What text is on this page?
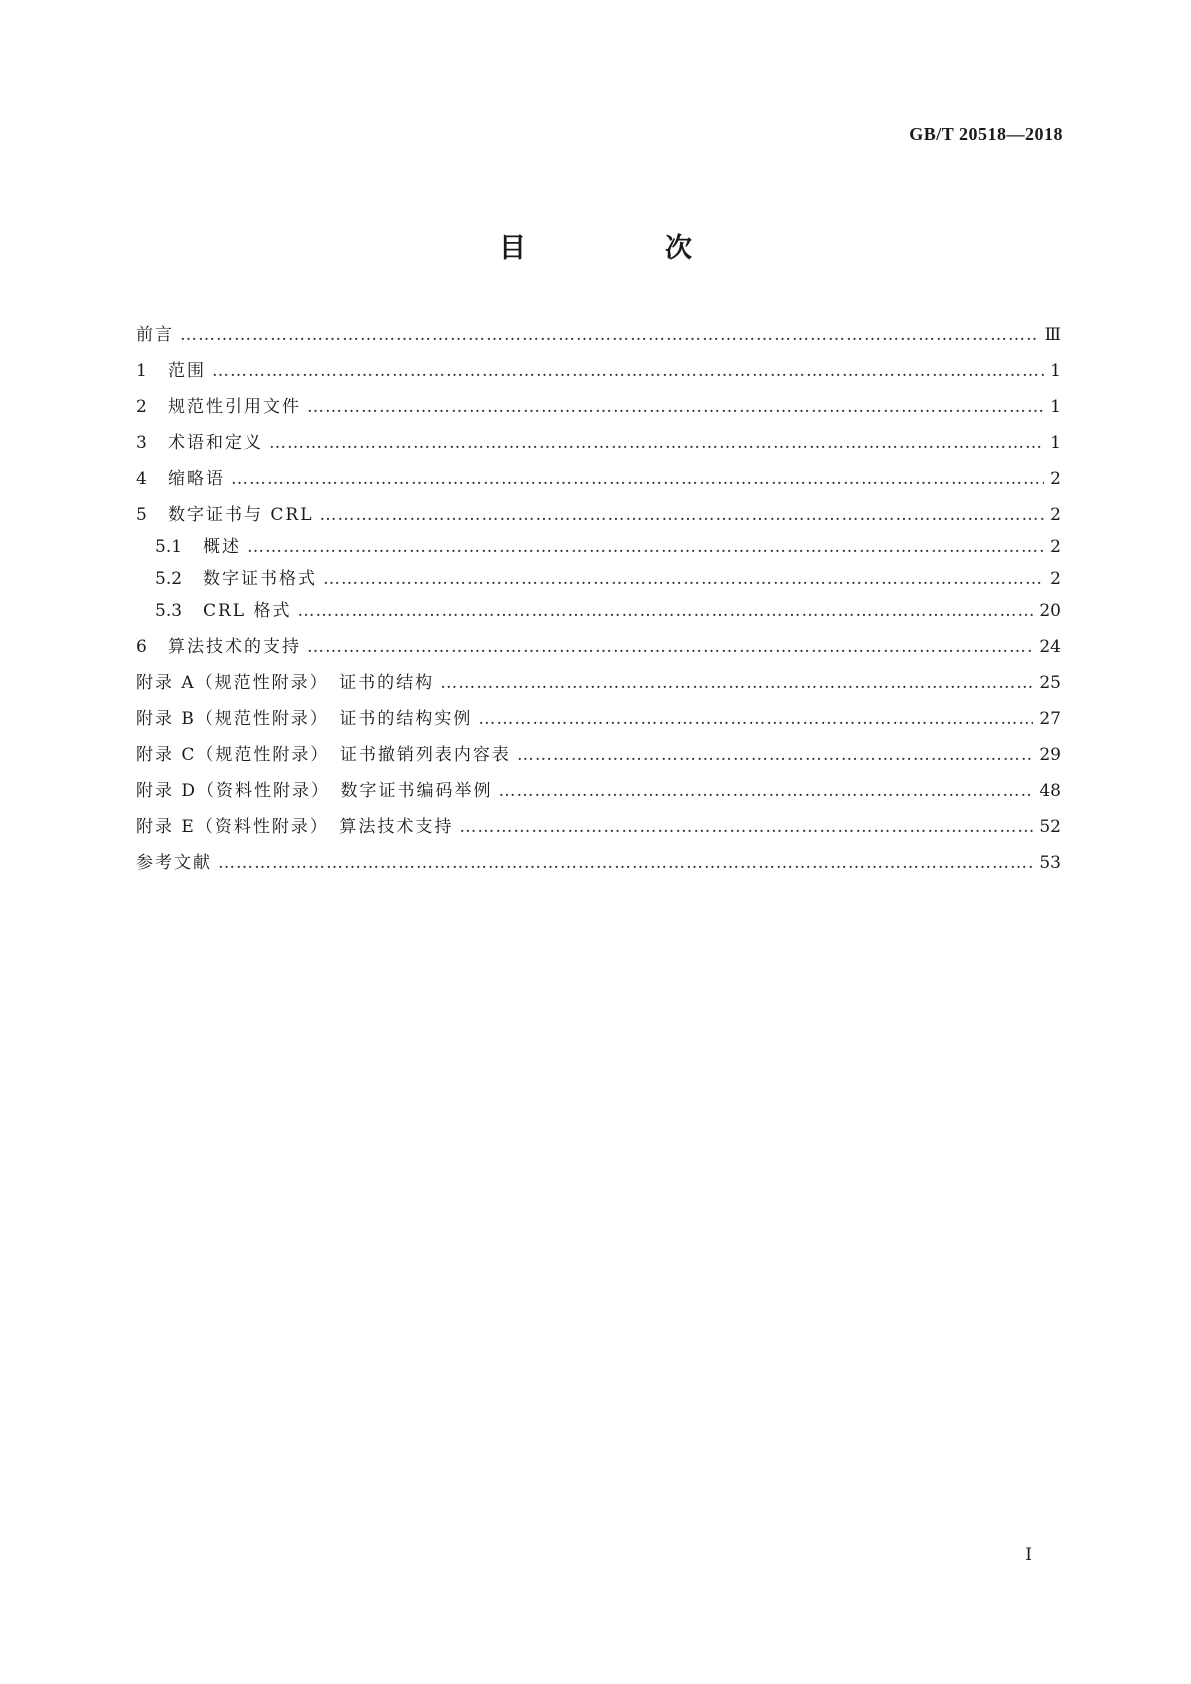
GB/T 20518—2018
目　次
前言 ……………………………………………………………………………………………………………………………………………………………………………………………………………………………………	Ⅲ
1	范围 ……………………………………………………………………………………………………………………………………………………………………………………………………………………………………	1
2	规范性引用文件 ……………………………………………………………………………………………………………………………………………………………………………………………………………………………………	1
3	术语和定义 ……………………………………………………………………………………………………………………………………………………………………………………………………………………………………	1
4	缩略语 ……………………………………………………………………………………………………………………………………………………………………………………………………………………………………	2
5	数字证书与 CRL ……………………………………………………………………………………………………………………………………………………………………………………………………………………………………	2
5.1	概述 ……………………………………………………………………………………………………………………………………………………………………………………………………………………………………	2
5.2	数字证书格式 ……………………………………………………………………………………………………………………………………………………………………………………………………………………………………	2
5.3	CRL 格式 ……………………………………………………………………………………………………………………………………………………………………………………………………………………………………	20
6	算法技术的支持 ……………………………………………………………………………………………………………………………………………………………………………………………………………………………………	24
附录 A（规范性附录）　证书的结构 ……………………………………………………………………………………………………………………………………………………………………………………………………………………………………	25
附录 B（规范性附录）　证书的结构实例 ……………………………………………………………………………………………………………………………………………………………………………………………………………………………………	27
附录 C（规范性附录）　证书撤销列表内容表 ……………………………………………………………………………………………………………………………………………………………………………………………………………………………………	29
附录 D（资料性附录）　数字证书编码举例 ……………………………………………………………………………………………………………………………………………………………………………………………………………………………………	48
附录 E（资料性附录）　算法技术支持 ……………………………………………………………………………………………………………………………………………………………………………………………………………………………………	52
参考文献 ……………………………………………………………………………………………………………………………………………………………………………………………………………………………………	53
I
